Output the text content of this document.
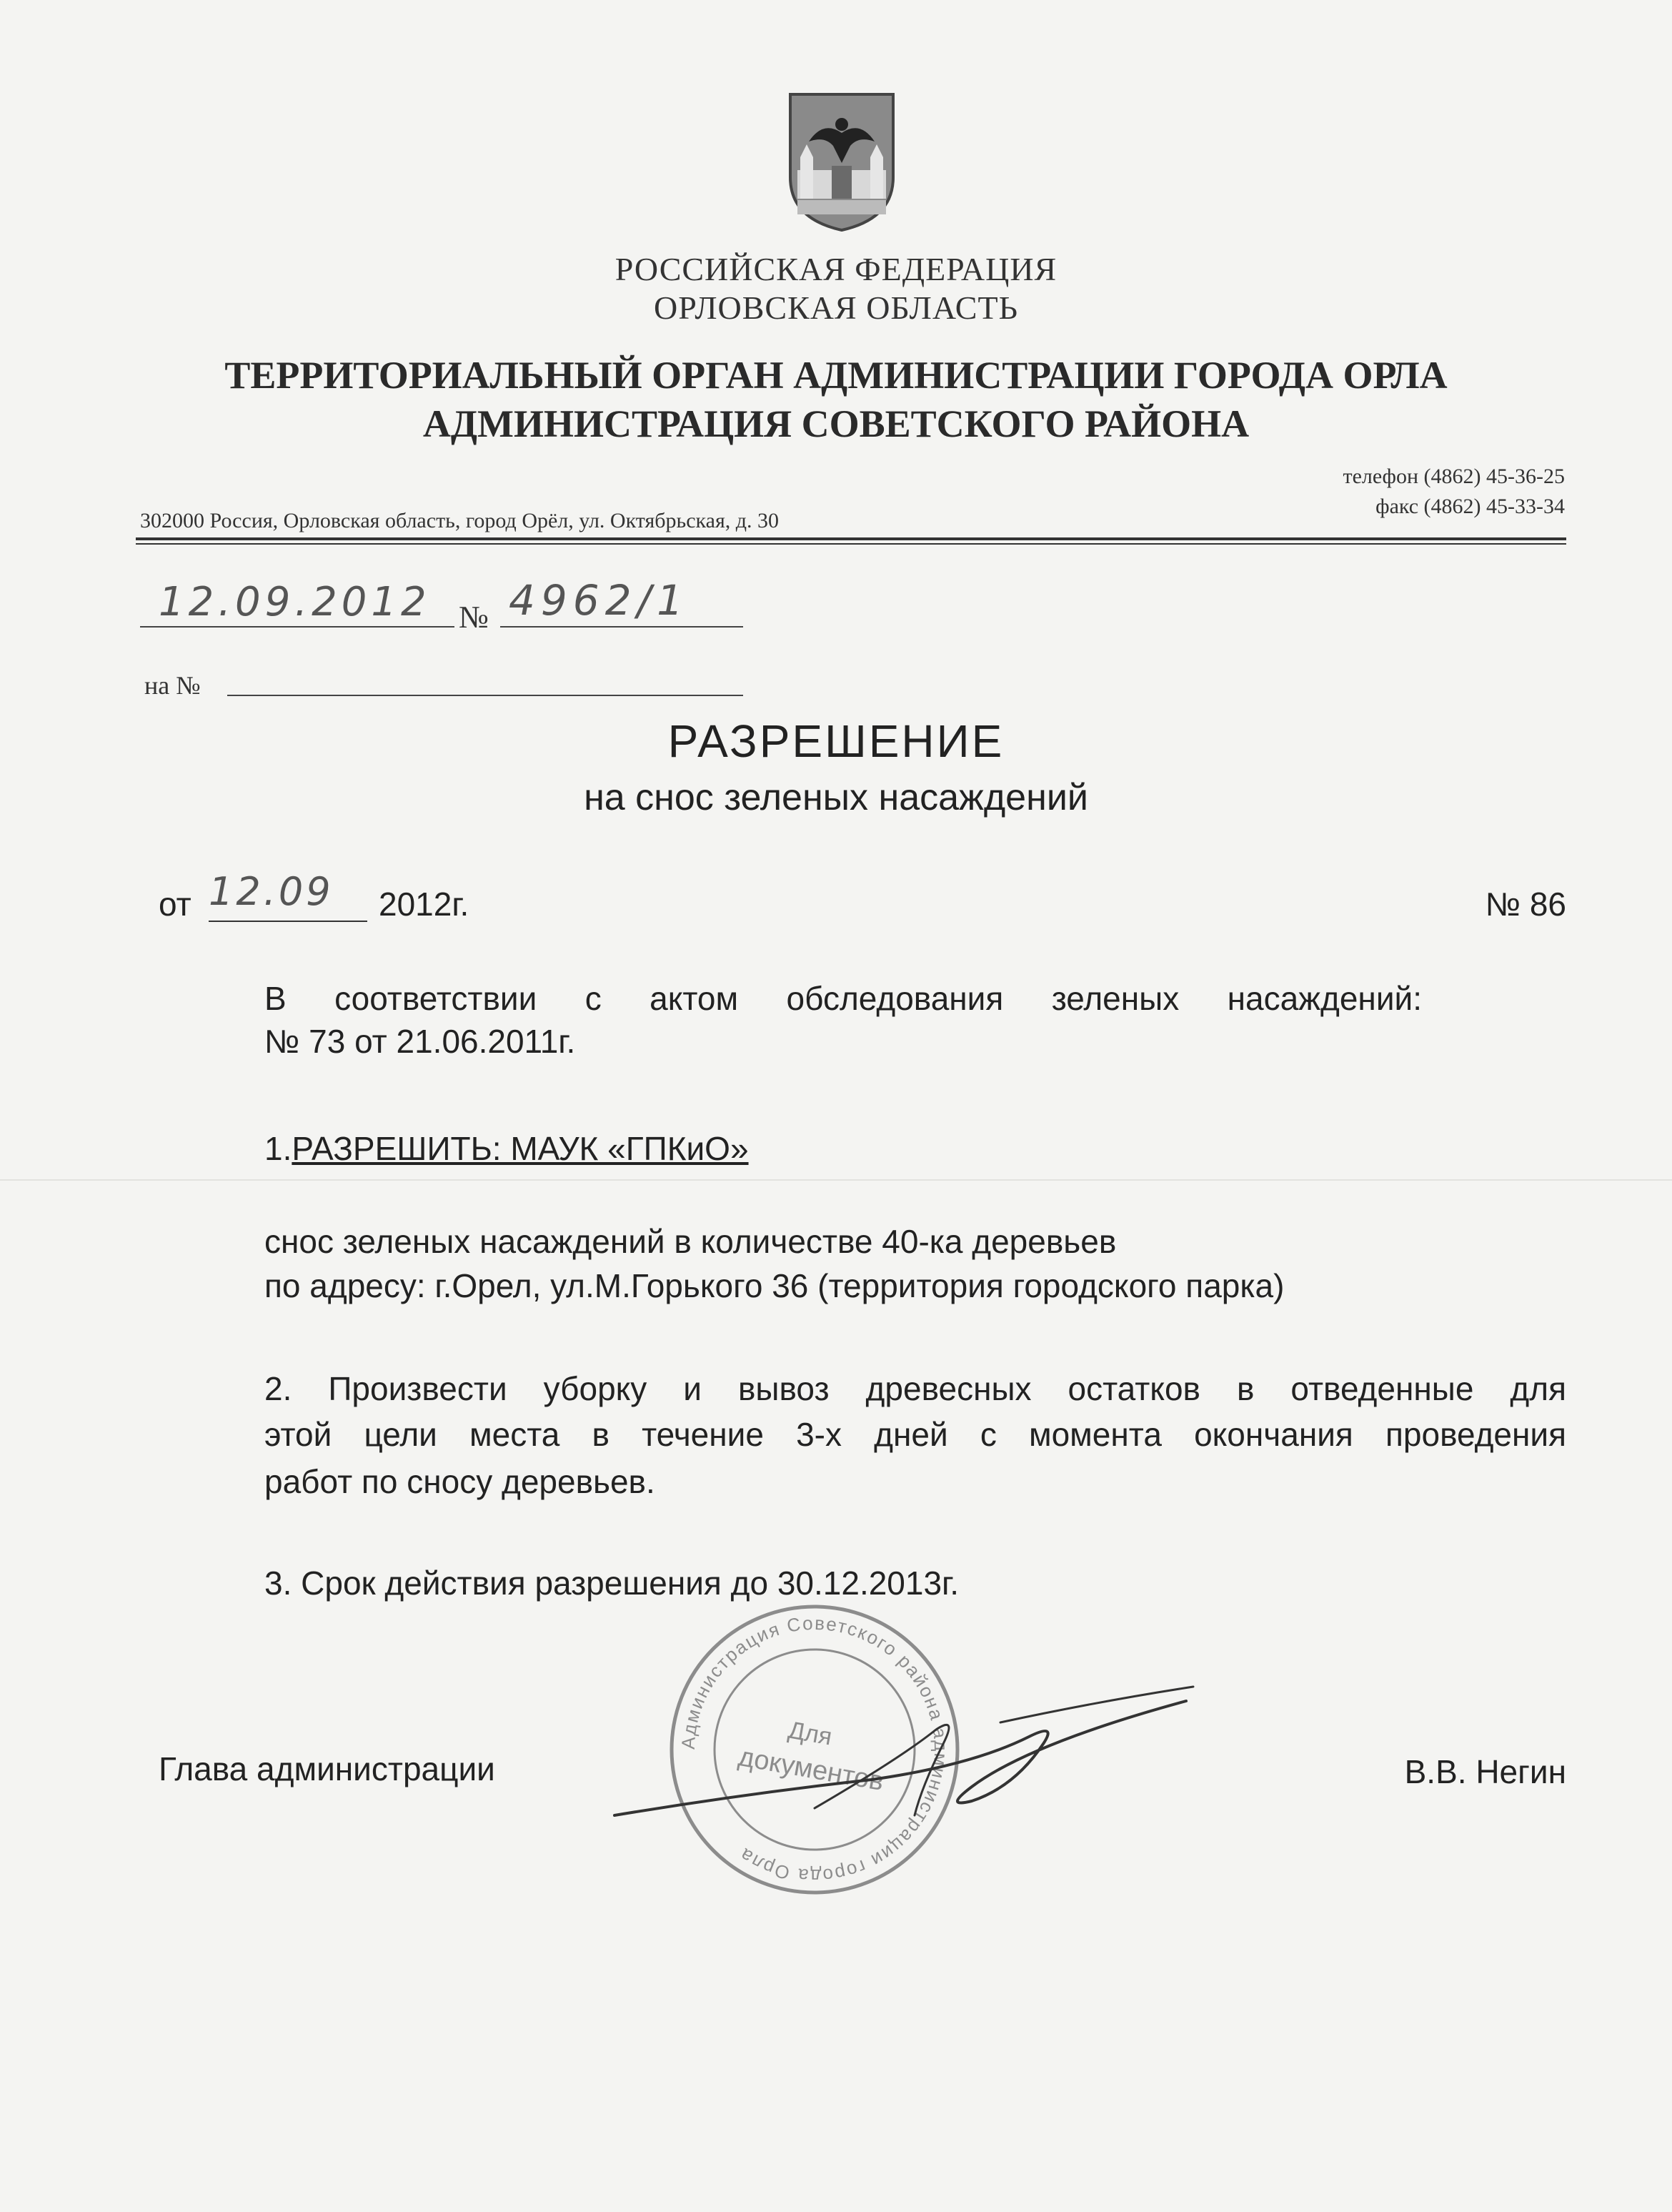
РОССИЙСКАЯ ФЕДЕРАЦИЯ
ОРЛОВСКАЯ ОБЛАСТЬ
ТЕРРИТОРИАЛЬНЫЙ ОРГАН АДМИНИСТРАЦИИ ГОРОДА ОРЛА
АДМИНИСТРАЦИЯ СОВЕТСКОГО РАЙОНА
302000 Россия, Орловская область, город Орёл, ул. Октябрьская, д. 30
телефон (4862) 45-36-25
факс (4862) 45-33-34
12.09.2012 № 4962/1
на №
РАЗРЕШЕНИЕ
на снос зеленых насаждений
от 12.09 2012г.	№ 86
В соответствии с актом обследования зеленых насаждений:
№ 73 от 21.06.2011г.
1.РАЗРЕШИТЬ: МАУК «ГПКиО»
снос зеленых насаждений в количестве 40-ка деревьев
по адресу: г.Орел, ул.М.Горького 36 (территория городского парка)
2. Произвести уборку и вывоз древесных остатков в отведенные для
этой цели места в течение 3-х дней с момента окончания проведения
работ по сносу деревьев.
3. Срок действия разрешения до 30.12.2013г.
Администрация Советского района администрации города Орла
Для
документов
Глава администрации	В.В. Негин
